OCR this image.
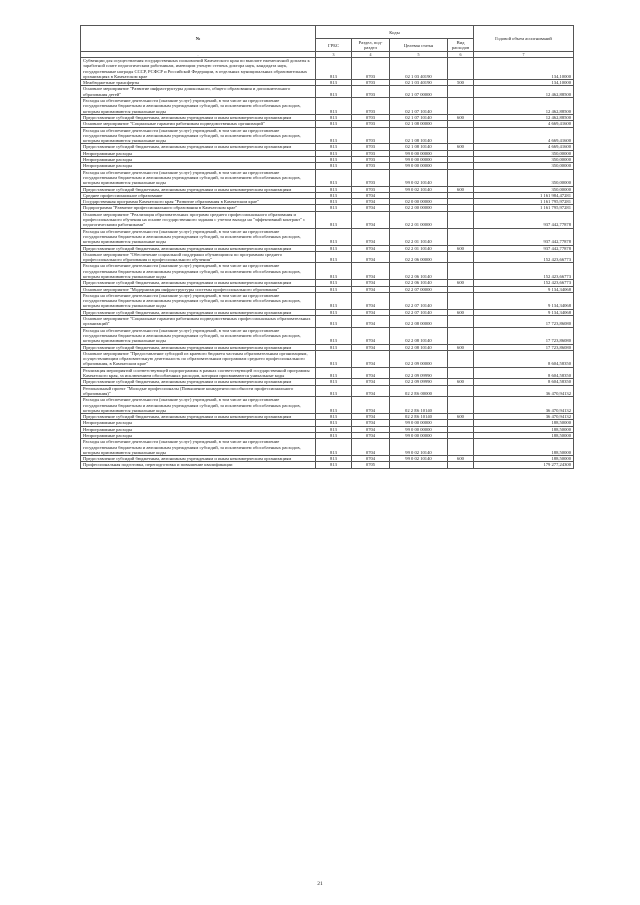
№	Коды				Годовой объем ассигнований
	ГРБС	Раздел, под-раздел	Целевая статья	Вид расходов	
.	3	4	5	6	7
Субвенции для осуществления государственных полномочий Камчатского края по выплате ежемесячной доплаты к заработной плате педагогическим работникам, имеющим ученую степень доктора наук, кандидата наук, государственные награды СССР, РСФСР и Российской Федерации, в отдельных муниципальных образовательных организациях в Камчатском крае	813	0703	02 1 03 40190		134,10000
Межбюджетные трансферты	813	0703	02 1 03 40190	500	134,10000
Основное мероприятие "Развитие инфраструктуры дошкольного, общего образования и дополнительного образования детей"	813	0703	02 1 07 00000		12 462,88500
Расходы на обеспечение деятельности (оказание услуг) учреждений, в том числе на предоставление государственным бюджетным и автономным учреждениям субсидий, за исключением обособленных расходов, которым присваиваются уникальные коды	813	0703	02 1 07 10140		12 462,88500
Предоставление субсидий бюджетным, автономным учреждениям и иным некоммерческим организациям	813	0703	02 1 07 10140	600	12 462,88500
Основное мероприятие "Социальные гарантии работникам подведомственных организаций"	813	0703	02 1 08 00000		4 669,41600
Расходы на обеспечение деятельности (оказание услуг) учреждений, в том числе на предоставление государственным бюджетным и автономным учреждениям субсидий, за исключением обособленных расходов, которым присваиваются уникальные коды	813	0703	02 1 08 10140		4 669,41600
Предоставление субсидий бюджетным, автономным учреждениям и иным некоммерческим организациям	813	0703	02 1 08 10140	600	4 669,41600
Непрограммные расходы	813	0703	99 0 00 00000		350,00000
Непрограммные расходы	813	0703	99 0 00 00000		350,00000
Непрограммные расходы	813	0703	99 0 00 00000		350,00000
Расходы на обеспечение деятельности (оказание услуг) учреждений, в том числе на предоставление государственным бюджетным и автономным учреждениям субсидий, за исключением обособленных расходов, которым присваиваются уникальные коды	813	0703	99 0 02 10140		350,00000
Предоставление субсидий бюджетным, автономным учреждениям и иным некоммерческим организациям	813	0703	99 0 02 10140	600	350,00000
Среднее профессиональное образование	813	0704			1 161 984,47281
Государственная программа Камчатского края "Развитие образования в Камчатском крае"	813	0704	02 0 00 00000		1 161 795,97281
Подпрограмма "Развитие профессионального образования в Камчатском крае"	813	0704	02 2 00 00000		1 161 795,97281
Основное мероприятие "Реализация образовательных программ среднего профессионального образования и профессионального обучения на основе государственного задания с учетом выхода на "эффективный контракт" с педагогическими работниками"	813	0704	02 2 01 00000		937 442,77878
Расходы на обеспечение деятельности (оказание услуг) учреждений, в том числе на предоставление государственным бюджетным и автономным учреждениям субсидий, за исключением обособленных расходов, которым присваиваются уникальные коды	813	0704	02 2 01 10140		937 442,77878
Предоставление субсидий бюджетным, автономным учреждениям и иным некоммерческим организациям	813	0704	02 2 01 10140	600	937 442,77878
Основное мероприятие "Обеспечение социальной поддержки обучающимся по программам среднего профессионального образования и профессионального обучения"	813	0704	02 2 06 00000		152 423,66773
Расходы на обеспечение деятельности (оказание услуг) учреждений, в том числе на предоставление государственным бюджетным и автономным учреждениям субсидий, за исключением обособленных расходов, которым присваиваются уникальные коды	813	0704	02 2 06 10140		152 423,66773
Предоставление субсидий бюджетным, автономным учреждениям и иным некоммерческим организациям	813	0704	02 2 06 10140	600	152 423,66773
Основное мероприятие "Модернизация инфраструктуры системы профессионального образования"	813	0704	02 2 07 00000		9 134,34068
Расходы на обеспечение деятельности (оказание услуг) учреждений, в том числе на предоставление государственным бюджетным и автономным учреждениям субсидий, за исключением обособленных расходов, которым присваиваются уникальные коды	813	0704	02 2 07 10140		9 134,34068
Предоставление субсидий бюджетным, автономным учреждениям и иным некоммерческим организациям	813	0704	02 2 07 10140	600	9 134,34068
Основное мероприятие "Социальные гарантии работникам подведомственных профессиональных образовательных организаций"	813	0704	02 2 08 00000		17 723,86080
Расходы на обеспечение деятельности (оказание услуг) учреждений, в том числе на предоставление государственным бюджетным и автономным учреждениям субсидий, за исключением обособленных расходов, которым присваиваются уникальные коды	813	0704	02 2 08 10140		17 723,86080
Предоставление субсидий бюджетным, автономным учреждениям и иным некоммерческим организациям	813	0704	02 2 08 10140	600	17 723,86080
Основное мероприятие "Предоставление субсидий из краевого бюджета частным образовательным организациям, осуществляющим образовательную деятельность по образовательным программам среднего профессионального образования, в Камчатском крае"	813	0704	02 2 09 00000		8 604,58350
Реализация мероприятий соответствующей подпрограммы в рамках соответствующей государственной программы Камчатского края, за исключением обособленных расходов, которым присваиваются уникальные коды	813	0704	02 2 09 09990		8 604,58350
Предоставление субсидий бюджетным, автономным учреждениям и иным некоммерческим организациям	813	0704	02 2 09 09990	600	8 604,58350
Региональный проект "Молодые профессионалы (Повышение конкурентоспособности профессионального образования)"	813	0704	02 2 E6 00000		36 470,94132
Расходы на обеспечение деятельности (оказание услуг) учреждений, в том числе на предоставление государственным бюджетным и автономным учреждениям субсидий, за исключением обособленных расходов, которым присваиваются уникальные коды	813	0704	02 2 E6 10140		36 470,94132
Предоставление субсидий бюджетным, автономным учреждениям и иным некоммерческим организациям	813	0704	02 2 E6 10140	600	36 470,94132
Непрограммные расходы	813	0704	99 0 00 00000		188,50000
Непрограммные расходы	813	0704	99 0 00 00000		188,50000
Непрограммные расходы	813	0704	99 0 00 00000		188,50000
Расходы на обеспечение деятельности (оказание услуг) учреждений, в том числе на предоставление государственным бюджетным и автономным учреждениям субсидий, за исключением обособленных расходов, которым присваиваются уникальные коды	813	0704	99 0 02 10140		188,50000
Предоставление субсидий бюджетным, автономным учреждениям и иным некоммерческим организациям	813	0704	99 0 02 10140	600	188,50000
Профессиональная подготовка, переподготовка и повышение квалификации	813	0705			179 277,24300
21
